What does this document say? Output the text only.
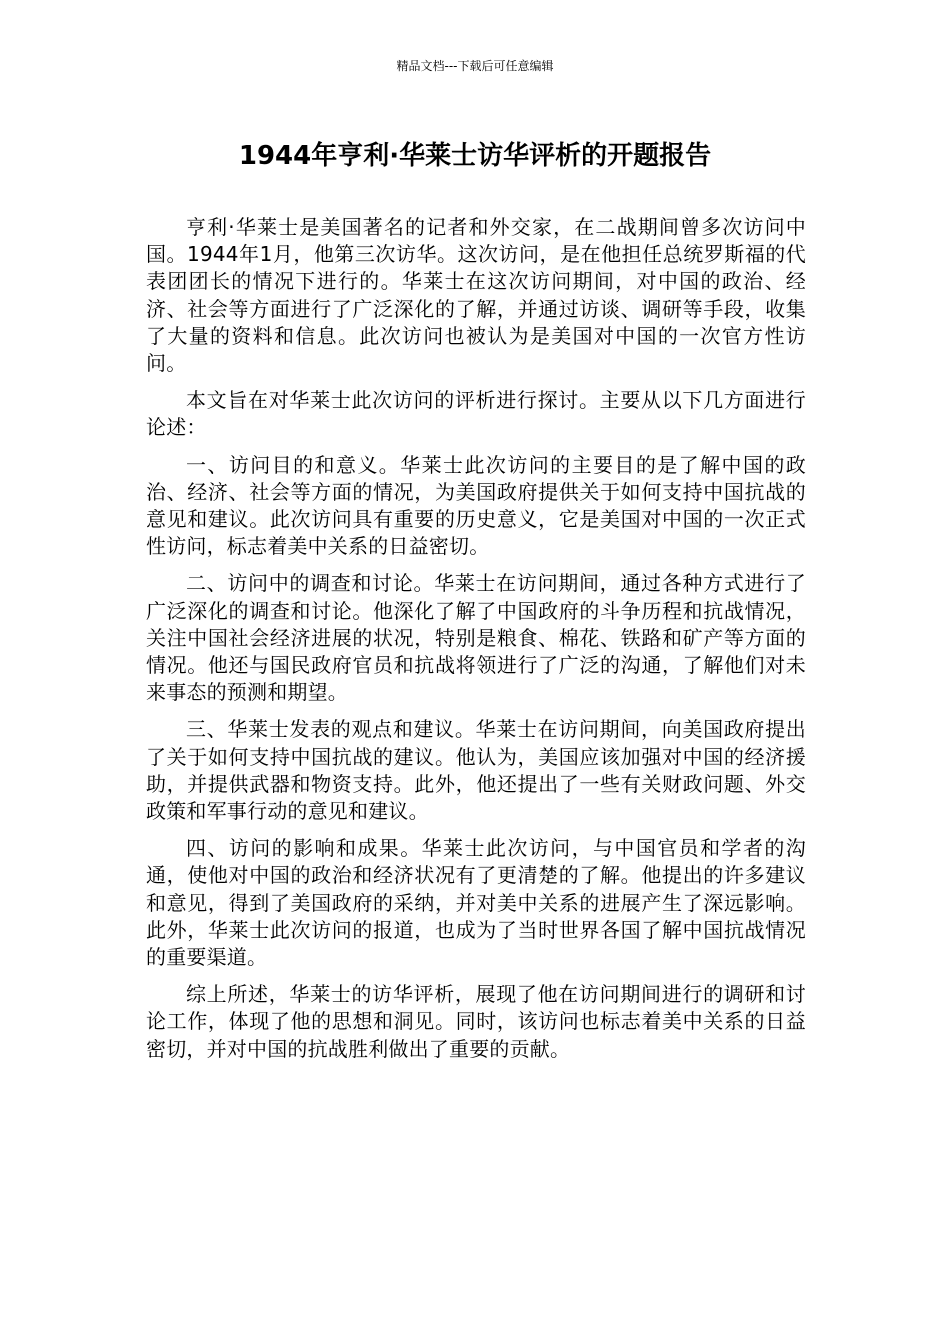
精品文档---下载后可任意编辑
1944年亨利·华莱士访华评析的开题报告

亨利·华莱士是美国著名的记者和外交家，在二战期间曾多次访问中国。1944年1月，他第三次访华。这次访问，是在他担任总统罗斯福的代表团团长的情况下进行的。华莱士在这次访问期间，对中国的政治、经济、社会等方面进行了广泛深化的了解，并通过访谈、调研等手段，收集了大量的资料和信息。此次访问也被认为是美国对中国的一次官方性访问。

本文旨在对华莱士此次访问的评析进行探讨。主要从以下几方面进行论述：

一、访问目的和意义。华莱士此次访问的主要目的是了解中国的政治、经济、社会等方面的情况，为美国政府提供关于如何支持中国抗战的意见和建议。此次访问具有重要的历史意义，它是美国对中国的一次正式性访问，标志着美中关系的日益密切。

二、访问中的调查和讨论。华莱士在访问期间，通过各种方式进行了广泛深化的调查和讨论。他深化了解了中国政府的斗争历程和抗战情况，关注中国社会经济进展的状况，特别是粮食、棉花、铁路和矿产等方面的情况。他还与国民政府官员和抗战将领进行了广泛的沟通，了解他们对未来事态的预测和期望。

三、华莱士发表的观点和建议。华莱士在访问期间，向美国政府提出了关于如何支持中国抗战的建议。他认为，美国应该加强对中国的经济援助，并提供武器和物资支持。此外，他还提出了一些有关财政问题、外交政策和军事行动的意见和建议。

四、访问的影响和成果。华莱士此次访问，与中国官员和学者的沟通，使他对中国的政治和经济状况有了更清楚的了解。他提出的许多建议和意见，得到了美国政府的采纳，并对美中关系的进展产生了深远影响。此外，华莱士此次访问的报道，也成为了当时世界各国了解中国抗战情况的重要渠道。

综上所述，华莱士的访华评析，展现了他在访问期间进行的调研和讨论工作，体现了他的思想和洞见。同时，该访问也标志着美中关系的日益密切，并对中国的抗战胜利做出了重要的贡献。
